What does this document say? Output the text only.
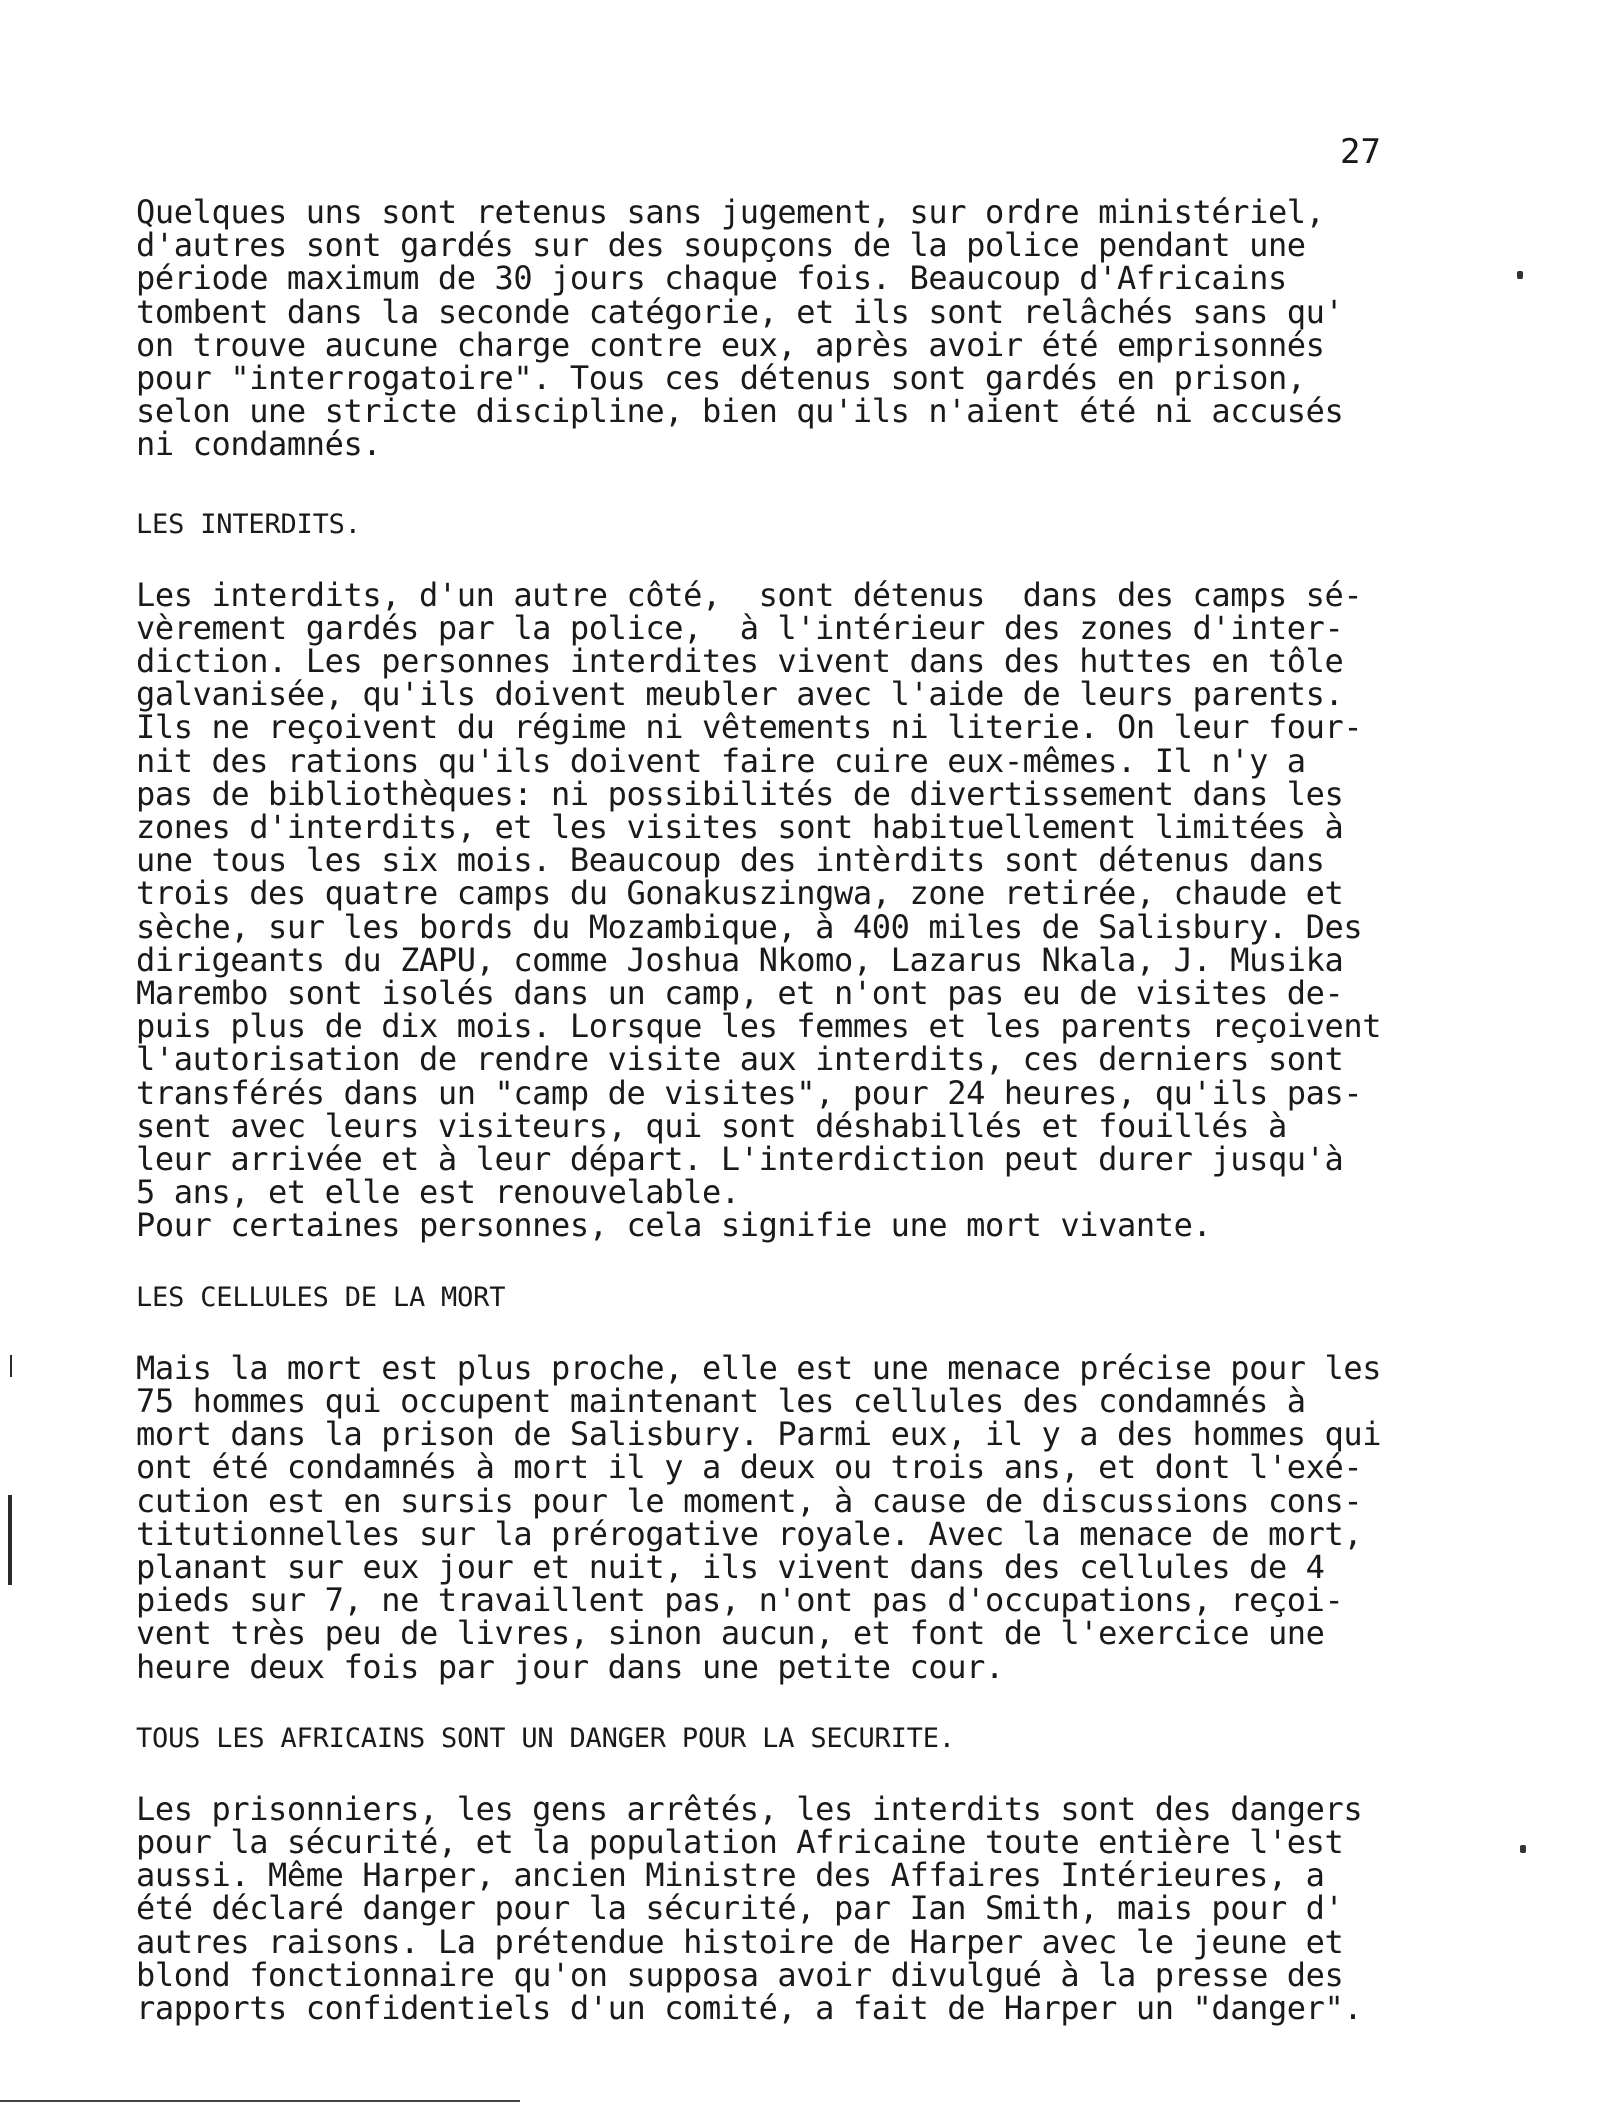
27
Quelques uns sont retenus sans jugement, sur ordre ministériel,
d'autres sont gardés sur des soupçons de la police pendant une
période maximum de 30 jours chaque fois. Beaucoup d'Africains
tombent dans la seconde catégorie, et ils sont relâchés sans qu'
on trouve aucune charge contre eux, après avoir été emprisonnés
pour "interrogatoire". Tous ces détenus sont gardés en prison,
selon une stricte discipline, bien qu'ils n'aient été ni accusés
ni condamnés.
LES INTERDITS.
Les interdits, d'un autre côté,  sont détenus  dans des camps sé-
vèrement gardés par la police,  à l'intérieur des zones d'inter-
diction. Les personnes interdites vivent dans des huttes en tôle
galvanisée, qu'ils doivent meubler avec l'aide de leurs parents.
Ils ne reçoivent du régime ni vêtements ni literie. On leur four-
nit des rations qu'ils doivent faire cuire eux-mêmes. Il n'y a
pas de bibliothèques: ni possibilités de divertissement dans les
zones d'interdits, et les visites sont habituellement limitées à
une tous les six mois. Beaucoup des intèrdits sont détenus dans
trois des quatre camps du Gonakuszingwa, zone retirée, chaude et
sèche, sur les bords du Mozambique, à 400 miles de Salisbury. Des
dirigeants du ZAPU, comme Joshua Nkomo, Lazarus Nkala, J. Musika
Marembo sont isolés dans un camp, et n'ont pas eu de visites de-
puis plus de dix mois. Lorsque les femmes et les parents reçoivent
l'autorisation de rendre visite aux interdits, ces derniers sont
transférés dans un "camp de visites", pour 24 heures, qu'ils pas-
sent avec leurs visiteurs, qui sont déshabillés et fouillés à
leur arrivée et à leur départ. L'interdiction peut durer jusqu'à
5 ans, et elle est renouvelable.
Pour certaines personnes, cela signifie une mort vivante.
LES CELLULES DE LA MORT
Mais la mort est plus proche, elle est une menace précise pour les
75 hommes qui occupent maintenant les cellules des condamnés à
mort dans la prison de Salisbury. Parmi eux, il y a des hommes qui
ont été condamnés à mort il y a deux ou trois ans, et dont l'exé-
cution est en sursis pour le moment, à cause de discussions cons-
titutionnelles sur la prérogative royale. Avec la menace de mort,
planant sur eux jour et nuit, ils vivent dans des cellules de 4
pieds sur 7, ne travaillent pas, n'ont pas d'occupations, reçoi-
vent très peu de livres, sinon aucun, et font de l'exercice une
heure deux fois par jour dans une petite cour.
TOUS LES AFRICAINS SONT UN DANGER POUR LA SECURITE.
Les prisonniers, les gens arrêtés, les interdits sont des dangers
pour la sécurité, et la population Africaine toute entière l'est
aussi. Même Harper, ancien Ministre des Affaires Intérieures, a
été déclaré danger pour la sécurité, par Ian Smith, mais pour d'
autres raisons. La prétendue histoire de Harper avec le jeune et
blond fonctionnaire qu'on supposa avoir divulgué à la presse des
rapports confidentiels d'un comité, a fait de Harper un "danger".
